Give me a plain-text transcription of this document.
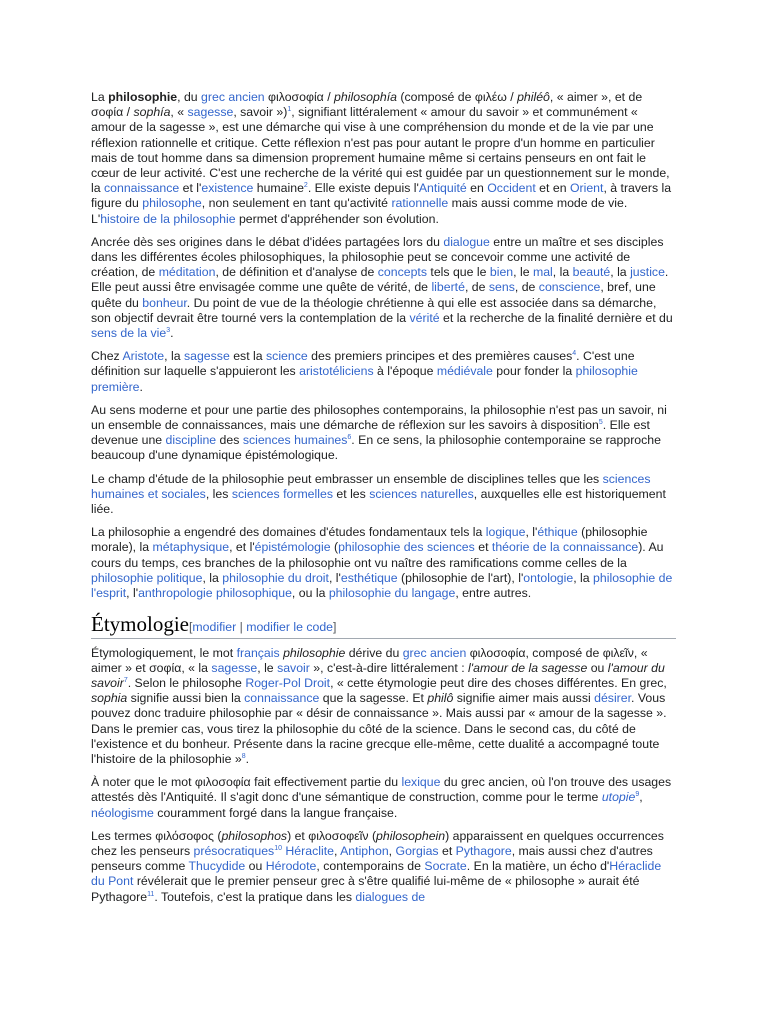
La philosophie, du grec ancien φιλοσοφία / philosophía (composé de φιλέω / philéô, « aimer », et de σοφία / sophía, « sagesse, savoir »)$^1$, signifiant littéralement « amour du savoir » et communément « amour de la sagesse », est une démarche qui vise à une compréhension du monde et de la vie par une réflexion rationnelle et critique. Cette réflexion n'est pas pour autant le propre d'un homme en particulier mais de tout homme dans sa dimension proprement humaine même si certains penseurs en ont fait le cœur de leur activité. C'est une recherche de la vérité qui est guidée par un questionnement sur le monde, la connaissance et l'existence humaine$^2$. Elle existe depuis l'Antiquité en Occident et en Orient, à travers la figure du philosophe, non seulement en tant qu'activité rationnelle mais aussi comme mode de vie. L'histoire de la philosophie permet d'appréhender son évolution.

Ancrée dès ses origines dans le débat d'idées partagées lors du dialogue entre un maître et ses disciples dans les différentes écoles philosophiques, la philosophie peut se concevoir comme une activité de création, de méditation, de définition et d'analyse de concepts tels que le bien, le mal, la beauté, la justice. Elle peut aussi être envisagée comme une quête de vérité, de liberté, de sens, de conscience, bref, une quête du bonheur. Du point de vue de la théologie chrétienne à qui elle est associée dans sa démarche, son objectif devrait être tourné vers la contemplation de la vérité et la recherche de la finalité dernière et du sens de la vie$^3$.

Chez Aristote, la sagesse est la science des premiers principes et des premières causes$^4$. C'est une définition sur laquelle s'appuieront les aristotéliciens à l'époque médiévale pour fonder la philosophie première.

Au sens moderne et pour une partie des philosophes contemporains, la philosophie n'est pas un savoir, ni un ensemble de connaissances, mais une démarche de réflexion sur les savoirs à disposition$^5$. Elle est devenue une discipline des sciences humaines$^6$. En ce sens, la philosophie contemporaine se rapproche beaucoup d'une dynamique épistémologique.

Le champ d'étude de la philosophie peut embrasser un ensemble de disciplines telles que les sciences humaines et sociales, les sciences formelles et les sciences naturelles, auxquelles elle est historiquement liée.

La philosophie a engendré des domaines d'études fondamentaux tels la logique, l'éthique (philosophie morale), la métaphysique, et l'épistémologie (philosophie des sciences et théorie de la connaissance). Au cours du temps, ces branches de la philosophie ont vu naître des ramifications comme celles de la philosophie politique, la philosophie du droit, l'esthétique (philosophie de l'art), l'ontologie, la philosophie de l'esprit, l'anthropologie philosophique, ou la philosophie du langage, entre autres.

Étymologie[modifier | modifier le code]

Étymologiquement, le mot français philosophie dérive du grec ancien φιλοσοφία, composé de φιλεῖν, « aimer » et σοφία, « la sagesse, le savoir », c'est-à-dire littéralement : l'amour de la sagesse ou l'amour du savoir$^7$. Selon le philosophe Roger-Pol Droit, « cette étymologie peut dire des choses différentes. En grec, sophia signifie aussi bien la connaissance que la sagesse. Et philô signifie aimer mais aussi désirer. Vous pouvez donc traduire philosophie par « désir de connaissance ». Mais aussi par « amour de la sagesse ». Dans le premier cas, vous tirez la philosophie du côté de la science. Dans le second cas, du côté de l'existence et du bonheur. Présente dans la racine grecque elle-même, cette dualité a accompagné toute l'histoire de la philosophie »$^8$.

À noter que le mot φιλοσοφία fait effectivement partie du lexique du grec ancien, où l'on trouve des usages attestés dès l'Antiquité. Il s'agit donc d'une sémantique de construction, comme pour le terme utopie$^9$, néologisme couramment forgé dans la langue française.

Les termes φιλόσοφος (philosophos) et φιλοσοφεῖν (philosophein) apparaissent en quelques occurrences chez les penseurs présocratiques$^{10}$ Héraclite, Antiphon, Gorgias et Pythagore, mais aussi chez d'autres penseurs comme Thucydide ou Hérodote, contemporains de Socrate. En la matière, un écho d'Héraclide du Pont révélerait que le premier penseur grec à s'être qualifié lui-même de « philosophe » aurait été Pythagore$^{11}$. Toutefois, c'est la pratique dans les dialogues de
